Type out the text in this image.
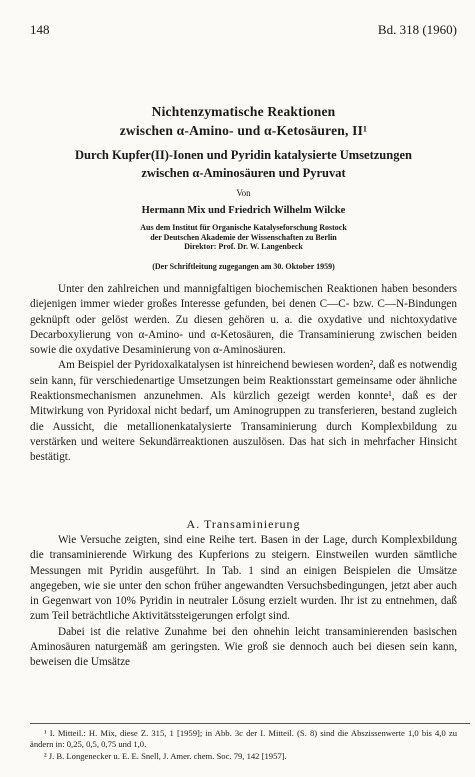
148	Bd. 318 (1960)
Nichtenzymatische Reaktionen
zwischen α-Amino- und α-Ketosäuren, II¹
Durch Kupfer(II)-Ionen und Pyridin katalysierte Umsetzungen
zwischen α-Aminosäuren und Pyruvat
Von
Hermann Mix und Friedrich Wilhelm Wilcke
Aus dem Institut für Organische Katalyseforschung Rostock
der Deutschen Akademie der Wissenschaften zu Berlin
Direktor: Prof. Dr. W. Langenbeck
(Der Schriftleitung zugegangen am 30. Oktober 1959)

Unter den zahlreichen und mannigfaltigen biochemischen Reaktionen haben besonders diejenigen immer wieder großes Interesse gefunden, bei denen C—C- bzw. C—N-Bindungen geknüpft oder gelöst werden. Zu diesen gehören u. a. die oxydative und nichtoxydative Decarboxylierung von α-Amino- und α-Ketosäuren, die Transaminierung zwischen beiden sowie die oxydative Desaminierung von α-Aminosäuren.

Am Beispiel der Pyridoxalkatalysen ist hinreichend bewiesen worden², daß es notwendig sein kann, für verschiedenartige Umsetzungen beim Reaktionsstart gemeinsame oder ähnliche Reaktionsmechanismen anzunehmen. Als kürzlich gezeigt werden konnte¹, daß es der Mitwirkung von Pyridoxal nicht bedarf, um Aminogruppen zu transferieren, bestand zugleich die Aussicht, die metallionenkatalysierte Transaminierung durch Komplexbildung zu verstärken und weitere Sekundärreaktionen auszulösen. Das hat sich in mehrfacher Hinsicht bestätigt.

A. Transaminierung

Wie Versuche zeigten, sind eine Reihe tert. Basen in der Lage, durch Komplexbildung die transaminierende Wirkung des Kupferions zu steigern. Einstweilen wurden sämtliche Messungen mit Pyridin ausgeführt. In Tab. 1 sind an einigen Beispielen die Umsätze angegeben, wie sie unter den schon früher angewandten Versuchsbedingungen, jetzt aber auch in Gegenwart von 10% Pyridin in neutraler Lösung erzielt wurden. Ihr ist zu entnehmen, daß zum Teil beträchtliche Aktivitätssteigerungen erfolgt sind.

Dabei ist die relative Zunahme bei den ohnehin leicht transaminierenden basischen Aminosäuren naturgemäß am geringsten. Wie groß sie dennoch auch bei diesen sein kann, beweisen die Umsätze

¹ I. Mitteil.: H. Mix, diese Z. 315, 1 [1959]; in Abb. 3c der I. Mitteil. (S. 8) sind die Abszissenwerte 1,0 bis 4,0 zu ändern in: 0,25, 0,5, 0,75 und 1,0.

² J. B. Longenecker u. E. E. Snell, J. Amer. chem. Soc. 79, 142 [1957].
